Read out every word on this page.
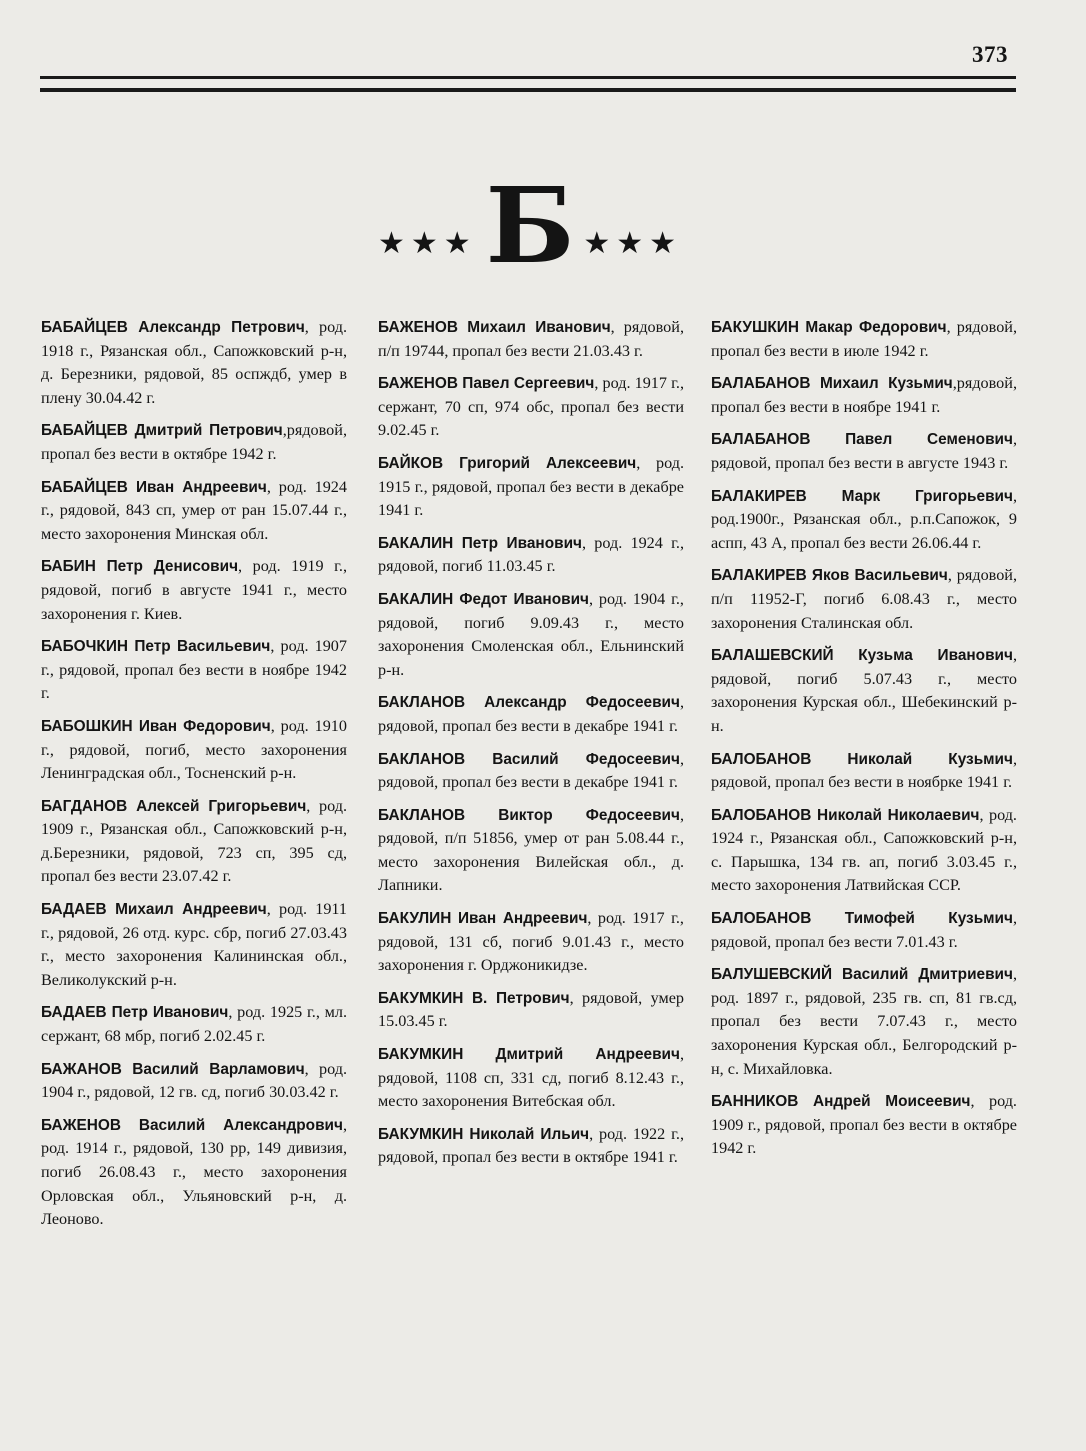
373
★★★ Б ★★★

БАБАЙЦЕВ Александр Петрович, род. 1918 г., Рязанская обл., Сапожковский р-н, д. Березники, рядовой, 85 оспждб, умер в плену 30.04.42 г.

БАБАЙЦЕВ Дмитрий Петрович,рядовой, пропал без вести в октябре 1942 г.

БАБАЙЦЕВ Иван Андреевич, род. 1924 г., рядовой, 843 сп, умер от ран 15.07.44 г., место захоронения Минская обл.

БАБИН Петр Денисович, род. 1919 г., рядовой, погиб в августе 1941 г., место захоронения г. Киев.

БАБОЧКИН Петр Васильевич, род. 1907 г., рядовой, пропал без вести в ноябре 1942 г.

БАБОШКИН Иван Федорович, род. 1910 г., рядовой, погиб, место захоронения Ленинградская обл., Тосненский р-н.

БАГДАНОВ Алексей Григорьевич, род. 1909 г., Рязанская обл., Сапожковский р-н, д.Березники, рядовой, 723 сп, 395 сд, пропал без вести 23.07.42 г.

БАДАЕВ Михаил Андреевич, род. 1911 г., рядовой, 26 отд. курс. сбр, погиб 27.03.43 г., место захоронения Калининская обл., Великолукский р-н.

БАДАЕВ Петр Иванович, род. 1925 г., мл. сержант, 68 мбр, погиб 2.02.45 г.

БАЖАНОВ Василий Варламович, род. 1904 г., рядовой, 12 гв. сд, погиб 30.03.42 г.

БАЖЕНОВ Василий Александрович, род. 1914 г., рядовой, 130 рр, 149 дивизия, погиб 26.08.43 г., место захоронения Орловская обл., Ульяновский р-н, д. Леоново.

БАЖЕНОВ Михаил Иванович, рядовой, п/п 19744, пропал без вести 21.03.43 г.

БАЖЕНОВ Павел Сергеевич, род. 1917 г., сержант, 70 сп, 974 обс, пропал без вести 9.02.45 г.

БАЙКОВ Григорий Алексеевич, род. 1915 г., рядовой, пропал без вести в декабре 1941 г.

БАКАЛИН Петр Иванович, род. 1924 г., рядовой, погиб 11.03.45 г.

БАКАЛИН Федот Иванович, род. 1904 г., рядовой, погиб 9.09.43 г., место захоронения Смоленская обл., Ельнинский р-н.

БАКЛАНОВ Александр Федосеевич, рядовой, пропал без вести в декабре 1941 г.

БАКЛАНОВ Василий Федосеевич, рядовой, пропал без вести в декабре 1941 г.

БАКЛАНОВ Виктор Федосеевич, рядовой, п/п 51856, умер от ран 5.08.44 г., место захоронения Вилейская обл., д. Лапники.

БАКУЛИН Иван Андреевич, род. 1917 г., рядовой, 131 сб, погиб 9.01.43 г., место захоронения г. Орджоникидзе.

БАКУМКИН В. Петрович, рядовой, умер 15.03.45 г.

БАКУМКИН Дмитрий Андреевич, рядовой, 1108 сп, 331 сд, погиб 8.12.43 г., место захоронения Витебская обл.

БАКУМКИН Николай Ильич, род. 1922 г., рядовой, пропал без вести в октябре 1941 г.

БАКУШКИН Макар Федорович, рядовой, пропал без вести в июле 1942 г.

БАЛАБАНОВ Михаил Кузьмич,рядовой, пропал без вести в ноябре 1941 г.

БАЛАБАНОВ Павел Семенович, рядовой, пропал без вести в августе 1943 г.

БАЛАКИРЕВ Марк Григорьевич, род.1900г., Рязанская обл., р.п.Сапожок, 9 аспп, 43 А, пропал без вести 26.06.44 г.

БАЛАКИРЕВ Яков Васильевич, рядовой, п/п 11952-Г, погиб 6.08.43 г., место захоронения Сталинская обл.

БАЛАШЕВСКИЙ Кузьма Иванович, рядовой, погиб 5.07.43 г., место захоронения Курская обл., Шебекинский р-н.

БАЛОБАНОВ Николай Кузьмич, рядовой, пропал без вести в ноябрке 1941 г.

БАЛОБАНОВ Николай Николаевич, род. 1924 г., Рязанская обл., Сапожковский р-н, с. Парышка, 134 гв. ап, погиб 3.03.45 г., место захоронения Латвийская ССР.

БАЛОБАНОВ Тимофей Кузьмич, рядовой, пропал без вести 7.01.43 г.

БАЛУШЕВСКИЙ Василий Дмитриевич, род. 1897 г., рядовой, 235 гв. сп, 81 гв.сд, пропал без вести 7.07.43 г., место захоронения Курская обл., Белгородский р-н, с. Михайловка.

БАННИКОВ Андрей Моисеевич, род. 1909 г., рядовой, пропал без вести в октябре 1942 г.
